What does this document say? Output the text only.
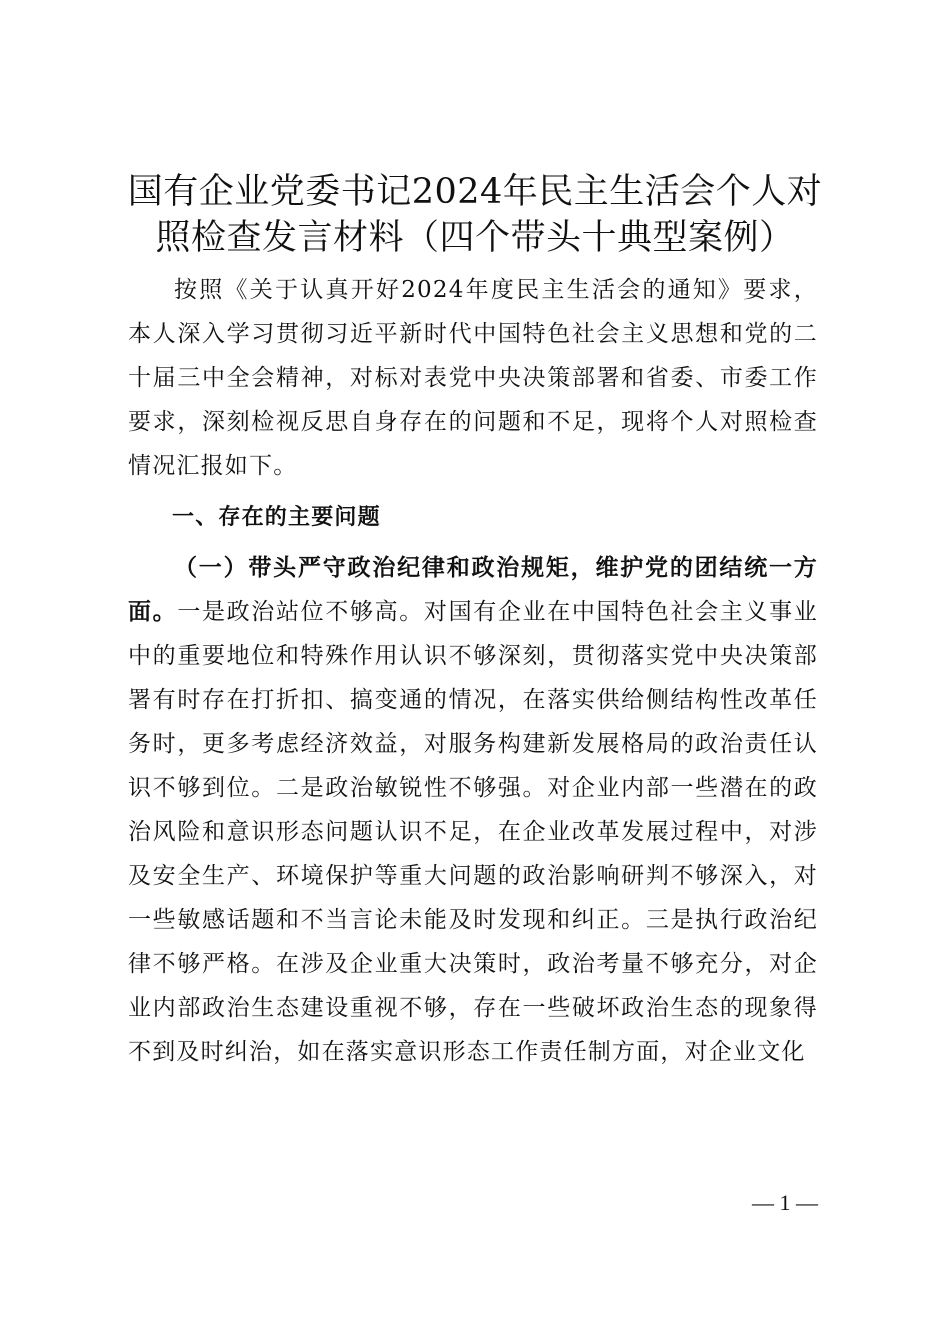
国有企业党委书记2024年民主生活会个人对
照检查发言材料（四个带头十典型案例）

按照《关于认真开好2024年度民主生活会的通知》要求，本人深入学习贯彻习近平新时代中国特色社会主义思想和党的二十届三中全会精神，对标对表党中央决策部署和省委、市委工作要求，深刻检视反思自身存在的问题和不足，现将个人对照检查情况汇报如下。

一、存在的主要问题

（一）带头严守政治纪律和政治规矩，维护党的团结统一方面。一是政治站位不够高。对国有企业在中国特色社会主义事业中的重要地位和特殊作用认识不够深刻，贯彻落实党中央决策部署有时存在打折扣、搞变通的情况，在落实供给侧结构性改革任务时，更多考虑经济效益，对服务构建新发展格局的政治责任认识不够到位。二是政治敏锐性不够强。对企业内部一些潜在的政治风险和意识形态问题认识不足，在企业改革发展过程中，对涉及安全生产、环境保护等重大问题的政治影响研判不够深入，对一些敏感话题和不当言论未能及时发现和纠正。三是执行政治纪律不够严格。在涉及企业重大决策时，政治考量不够充分，对企业内部政治生态建设重视不够，存在一些破坏政治生态的现象得不到及时纠治，如在落实意识形态工作责任制方面，对企业文化

— 1 —
